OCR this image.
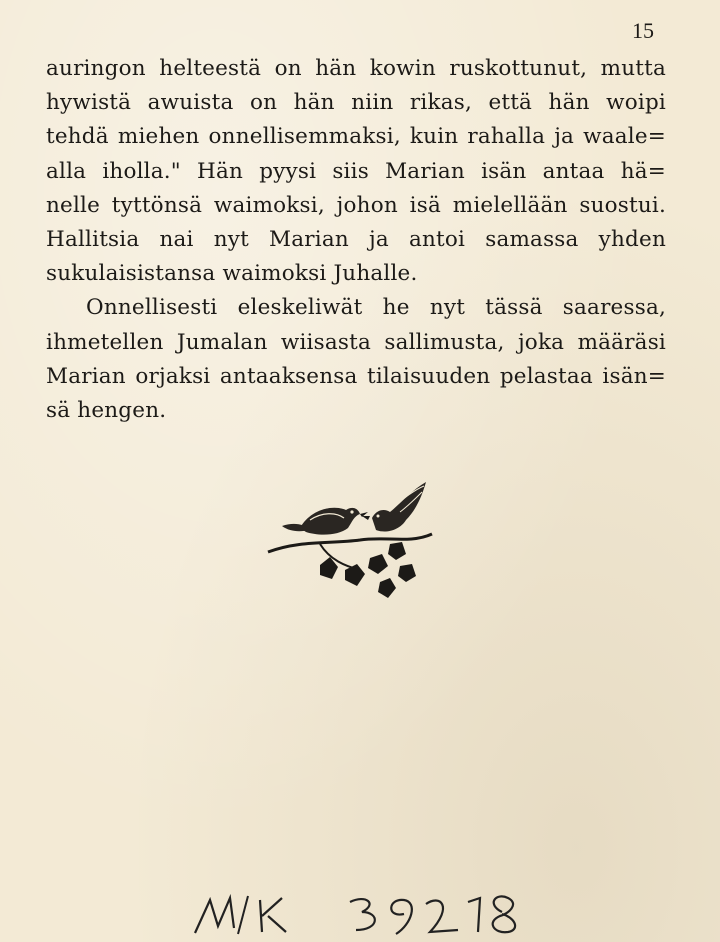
15
auringon helteestä on hän kowin ruskottunut, mutta
hywistä awuista on hän niin rikas, että hän woipi
tehdä miehen onnellisemmaksi, kuin rahalla ja waale=
alla iholla." Hän pyysi siis Marian isän antaa hä=
nelle tyttönsä waimoksi, johon isä mielellään suostui.
Hallitsia nai nyt Marian ja antoi samassa yhden
sukulaisistansa waimoksi Juhalle.
Onnellisesti eleskeliwät he nyt tässä saaressa,
ihmetellen Jumalan wiisasta sallimusta, joka määräsi
Marian orjaksi antaaksensa tilaisuuden pelastaa isän=
sä hengen.
